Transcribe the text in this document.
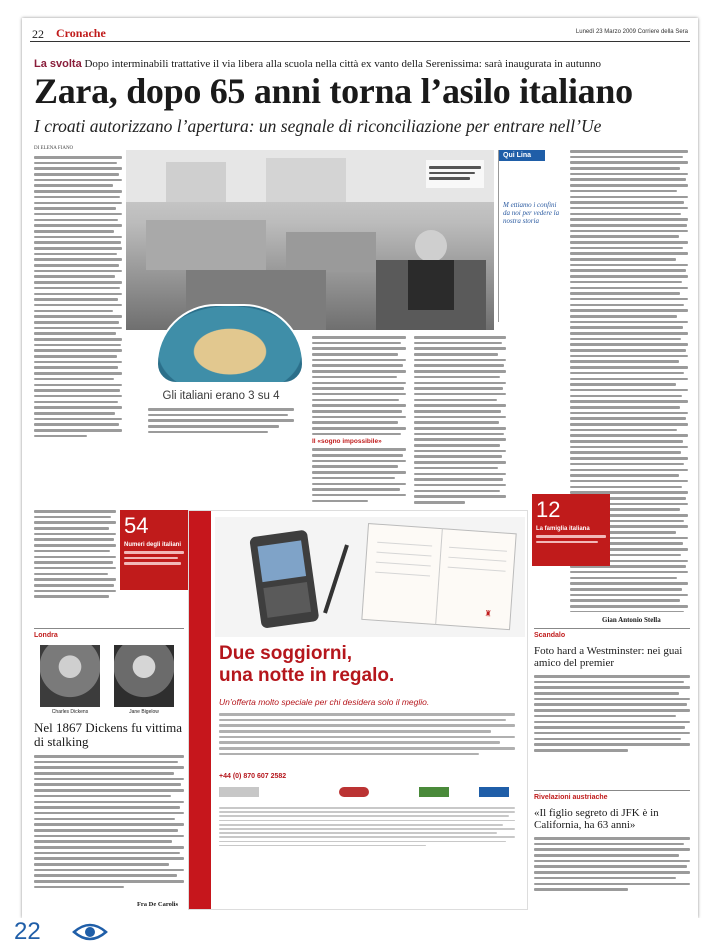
22 Cronache	Lunedì 23 Marzo 2009 Corriere della Sera
La svolta Dopo interminabili trattative il via libera alla scuola nella città ex vanto della Serenissima: sarà inaugurata in autunno
Zara, dopo 65 anni torna l’asilo italiano
I croati autorizzano l’apertura: un segnale di riconciliazione per entrare nell’Ue
DI ELENA FIANO
Gli italiani erano 3 su 4
Il «sogno impossibile»
Qui Lina
M ettiamo i confini da noi per vedere la nostra storia
54
Numeri degli italiani
12
La famiglia italiana
Gian Antonio Stella
♜
Due soggiorni,
una notte in regalo.
Un’offerta molto speciale per chi desidera solo il meglio.
+44 (0) 870 607 2582
Londra
Charles Dickens	Jane Bigelow
Nel 1867 Dickens fu vittima di stalking
Fra De Carolis
Scandalo
Foto hard a Westminster: nei guai amico del premier
Rivelazioni austriache
«Il figlio segreto di JFK è in California, ha 63 anni»
22
